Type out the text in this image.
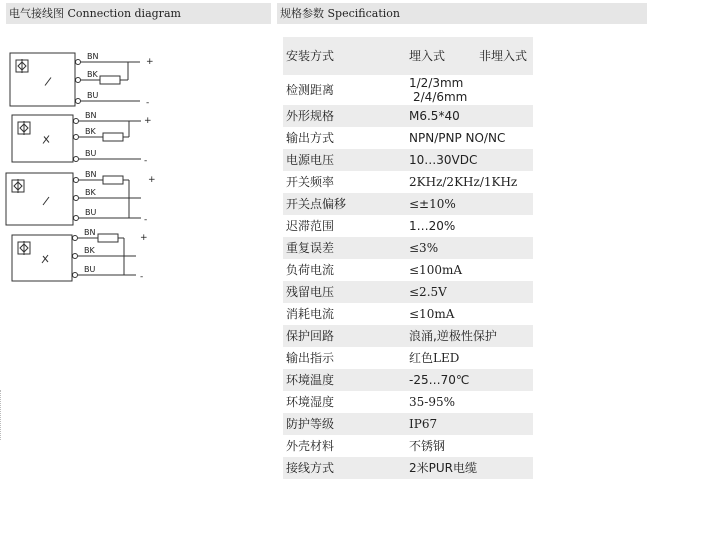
电气接线图 Connection diagram	规格参数 Specification
BN
+
BK
BU
-
BN
+
BK
BU
-
BN
+
BK
BU
-
BN
+
BK
BU
-
安装方式	埋入式 非埋入式

检测距离	1/2/3mm
2/4/6mm

外形规格	M6.5*40
输出方式	NPN/PNP NO/NC
电源电压	10…30VDC
开关频率	2KHz/2KHz/1KHz
开关点偏移	≤±10%
迟滞范围	1…20%
重复误差	≤3%
负荷电流	≤100mA
残留电压	≤2.5V
消耗电流	≤10mA
保护回路	浪涌,逆极性保护
输出指示	红色LED
环境温度	-25…70℃
环境湿度	35-95%
防护等级	IP67
外壳材料	不锈钢
接线方式	2米PUR电缆
